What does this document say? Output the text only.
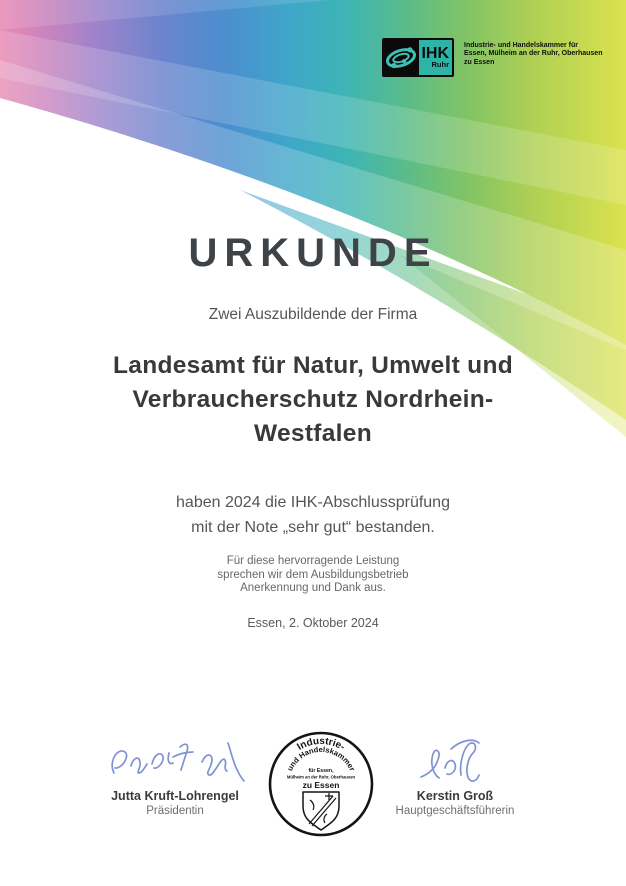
IHK
Ruhr
Industrie- und Handelskammer für
Essen, Mülheim an der Ruhr, Oberhausen
zu Essen
URKUNDE
Zwei Auszubildende der Firma
Landesamt für Natur, Umwelt und
Verbraucherschutz Nordrhein-
Westfalen
haben 2024 die IHK-Abschlussprüfung
mit der Note „sehr gut“ bestanden.
Für diese hervorragende Leistung
sprechen wir dem Ausbildungsbetrieb
Anerkennung und Dank aus.
Essen, 2. Oktober 2024
Jutta Kruft-Lohrengel
Präsidentin
Industrie-
und Handelskammer
für Essen,
Mülheim an der Ruhr, Oberhausen
zu Essen
Kerstin Groß
Hauptgeschäftsführerin
